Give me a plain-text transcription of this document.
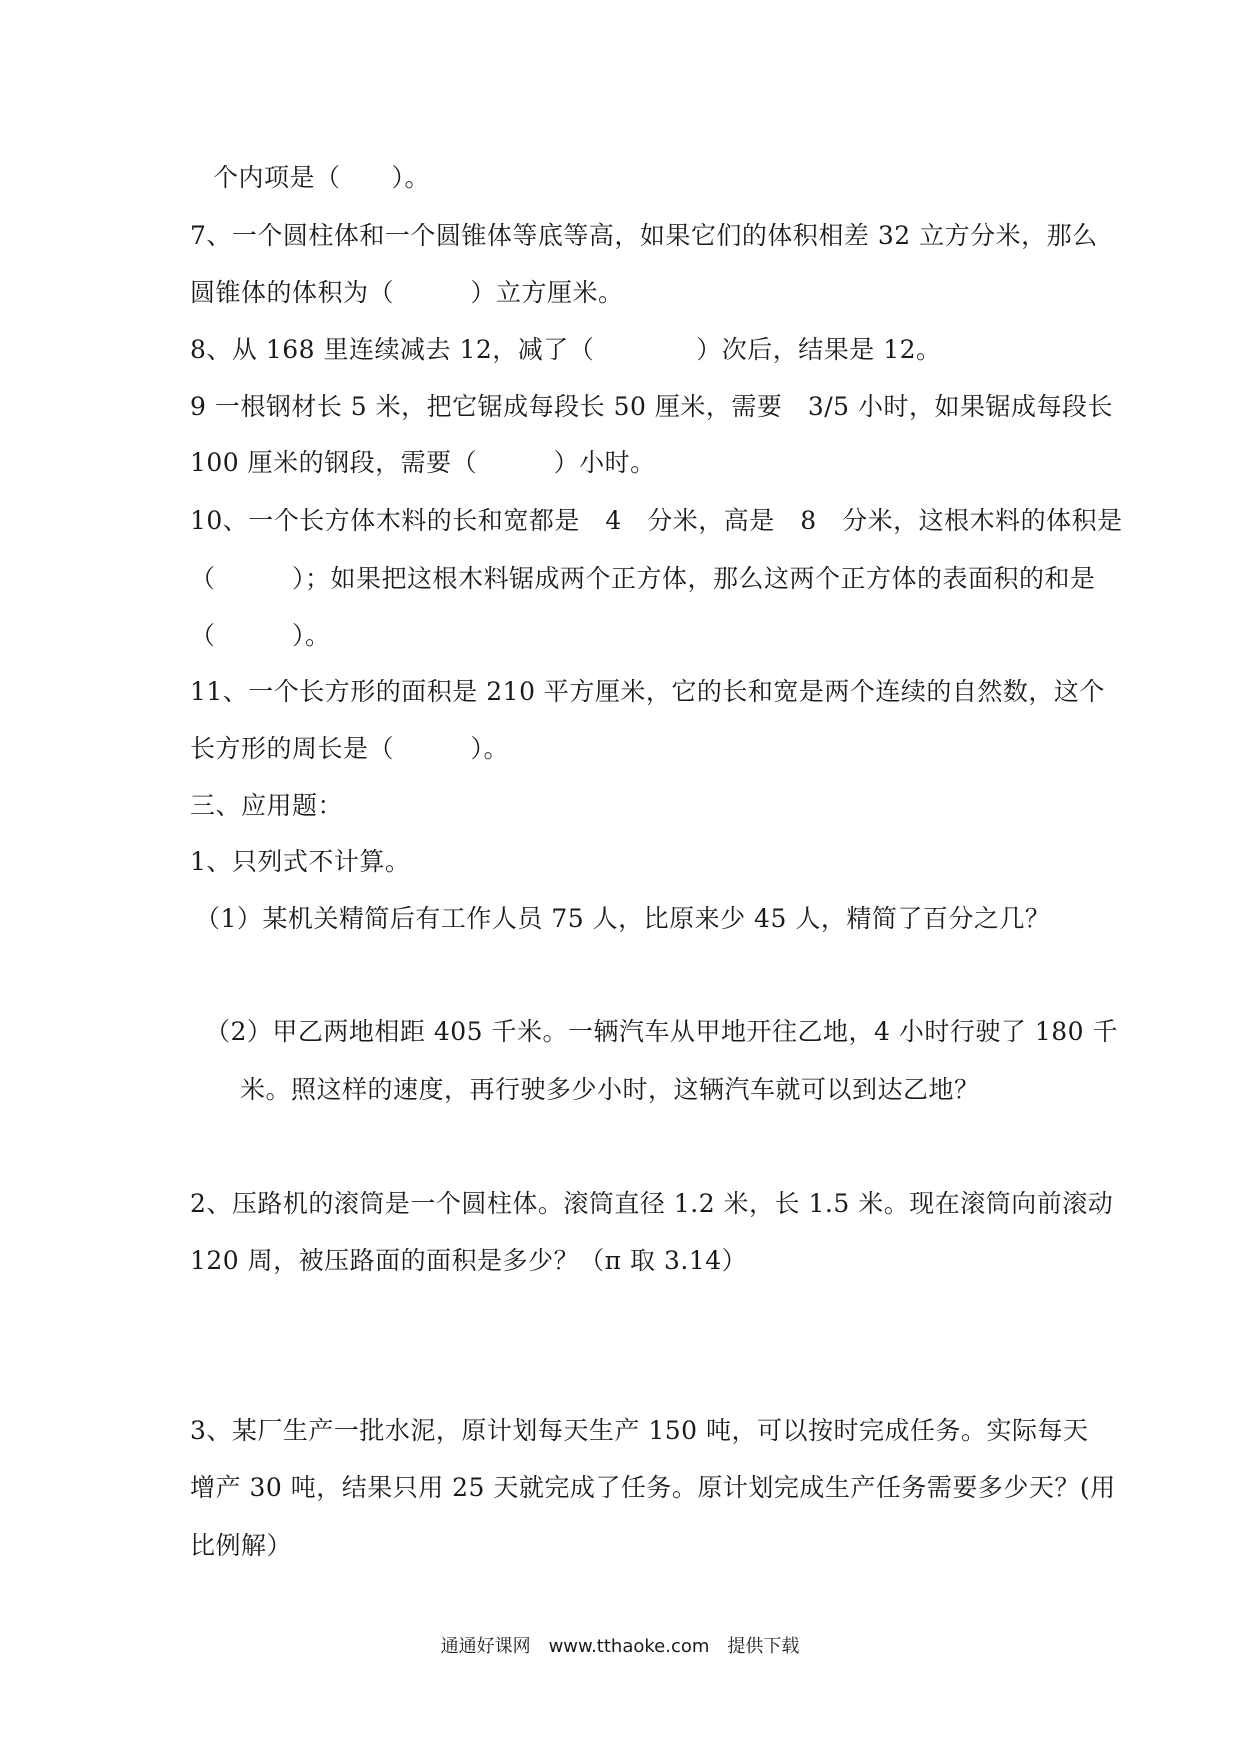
个内项是（　　）。
7、一个圆柱体和一个圆锥体等底等高，如果它们的体积相差 32 立方分米，那么
圆锥体的体积为（　　　）立方厘米。
8、从 168 里连续减去 12，减了（　　　　）次后，结果是 12。
9 一根钢材长 5 米，把它锯成每段长 50 厘米，需要　3/5 小时，如果锯成每段长
100 厘米的钢段，需要（　　　）小时。
10、一个长方体木料的长和宽都是　4　分米，高是　8　分米，这根木料的体积是
（　　　）；如果把这根木料锯成两个正方体，那么这两个正方体的表面积的和是
（　　　）。
11、一个长方形的面积是 210 平方厘米，它的长和宽是两个连续的自然数，这个
长方形的周长是（　　　）。
三、应用题：
1、只列式不计算。
（1）某机关精简后有工作人员 75 人，比原来少 45 人，精简了百分之几？
（2）甲乙两地相距 405 千米。一辆汽车从甲地开往乙地，4 小时行驶了 180 千
米。照这样的速度，再行驶多少小时，这辆汽车就可以到达乙地？
2、压路机的滚筒是一个圆柱体。滚筒直径 1.2 米，长 1.5 米。现在滚筒向前滚动
120 周，被压路面的面积是多少？（π 取 3.14）
3、某厂生产一批水泥，原计划每天生产 150 吨，可以按时完成任务。实际每天
增产 30 吨，结果只用 25 天就完成了任务。原计划完成生产任务需要多少天？(用
比例解）
通通好课网　www.tthaoke.com　提供下载
